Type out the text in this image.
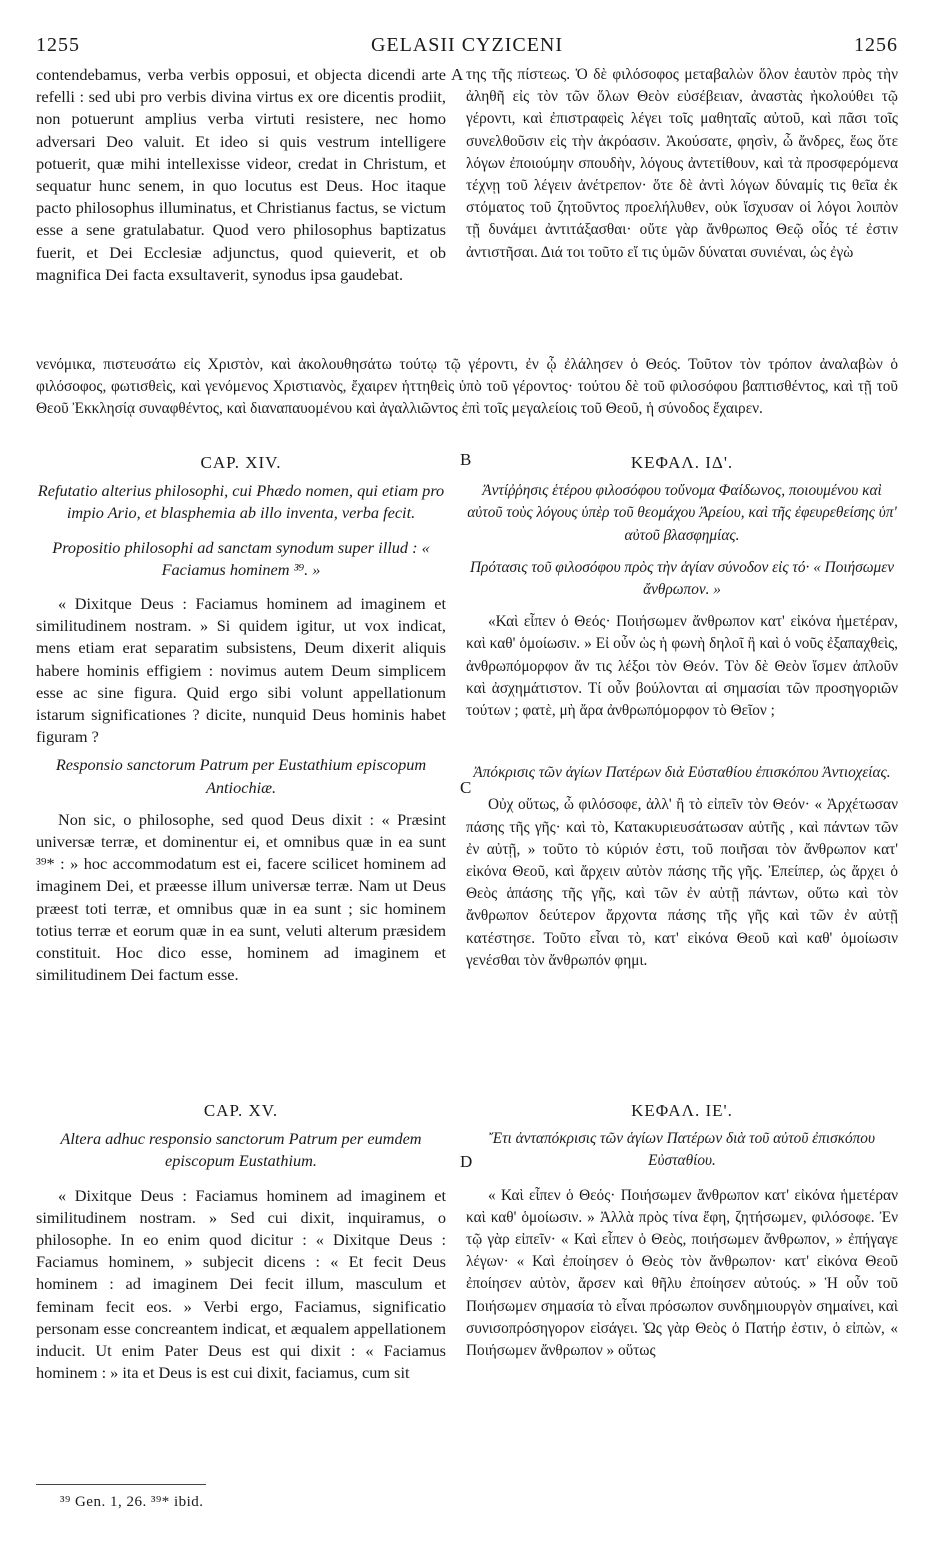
1255	GELASII CYZICENI	1256
contendebamus, verba verbis opposui, et objecta dicendi arte refelli : sed ubi pro verbis divina virtus ex ore dicentis prodiit, non potuerunt amplius verba virtuti resistere, nec homo adversari Deo valuit. Et ideo si quis vestrum intelligere potuerit, quæ mihi intellexisse videor, credat in Christum, et sequatur hunc senem, in quo locutus est Deus. Hoc itaque pacto philosophus illuminatus, et Christianus factus, se victum esse a sene gratulabatur. Quod vero philosophus baptizatus fuerit, et Dei Ecclesiæ adjunctus, quod quieverit, et ob magnifica Dei facta exsultaverit, synodus ipsa gaudebat.
της τῆς πίστεως. Ὁ δὲ φιλόσοφος μεταβαλὼν ὅλον ἑαυτὸν πρὸς τὴν ἀληθῆ εἰς τὸν τῶν ὅλων Θεὸν εὐσέβειαν, ἀναστὰς ἠκολούθει τῷ γέροντι, καὶ ἐπιστραφεὶς λέγει τοῖς μαθηταῖς αὐτοῦ, καὶ πᾶσι τοῖς συνελθοῦσιν εἰς τὴν ἀκρόασιν. Ἀκούσατε, φησὶν, ὦ ἄνδρες, ἕως ὅτε λόγων ἐποιούμην σπουδὴν, λόγους ἀντετίθουν, καὶ τὰ προσφερόμενα τέχνῃ τοῦ λέγειν ἀνέτρεπον· ὅτε δὲ ἀντὶ λόγων δύναμίς τις θεῖα ἐκ στόματος τοῦ ζητοῦντος προελήλυθεν, οὐκ ἴσχυσαν οἱ λόγοι λοιπὸν τῇ δυνάμει ἀντιτάξασθαι· οὔτε γὰρ ἄνθρωπος Θεῷ οἷός τέ ἐστιν ἀντιστῆσαι. Διά τοι τοῦτο εἴ τις ὑμῶν δύναται συνιέναι, ὡς ἐγὼ
A
νενόμικα, πιστευσάτω εἰς Χριστὸν, καὶ ἀκολουθησάτω τούτῳ τῷ γέροντι, ἐν ᾧ ἐλάλησεν ὁ Θεός. Τοῦτον τὸν τρόπον ἀναλαβὼν ὁ φιλόσοφος, φωτισθεὶς, καὶ γενόμενος Χριστιανὸς, ἔχαιρεν ἡττηθεὶς ὑπὸ τοῦ γέροντος· τούτου δὲ τοῦ φιλοσόφου βαπτισθέντος, καὶ τῇ τοῦ Θεοῦ Ἐκκλησίᾳ συναφθέντος, καὶ διαναπαυομένου καὶ ἀγαλλιῶντος ἐπὶ τοῖς μεγαλείοις τοῦ Θεοῦ, ἡ σύνοδος ἔχαιρεν.
B
CAP. XIV.
Refutatio alterius philosophi, cui Phædo nomen, qui etiam pro impio Ario, et blasphemia ab illo inventa, verba fecit.
Propositio philosophi ad sanctam synodum super illud : « Faciamus hominem ³⁹. »
« Dixitque Deus : Faciamus hominem ad imaginem et similitudinem nostram. » Si quidem igitur, ut vox indicat, mens etiam erat separatim subsistens, Deum dixerit aliquis habere hominis effigiem : novimus autem Deum simplicem esse ac sine figura. Quid ergo sibi volunt appellationum istarum significationes ? dicite, nunquid Deus hominis habet figuram ?
Responsio sanctorum Patrum per Eustathium episcopum Antiochiæ.
Non sic, o philosophe, sed quod Deus dixit : « Præsint universæ terræ, et dominentur ei, et omnibus quæ in ea sunt ³⁹* : » hoc accommodatum est ei, facere scilicet hominem ad imaginem Dei, et præesse illum universæ terræ. Nam ut Deus præest toti terræ, et omnibus quæ in ea sunt ; sic hominem totius terræ et eorum quæ in ea sunt, veluti alterum præsidem constituit. Hoc dico esse, hominem ad imaginem et similitudinem Dei factum esse.
ΚΕΦΑΛ. ΙΔ'.
Ἀντίῤῥησις ἑτέρου φιλοσόφου τοὔνομα Φαίδωνος, ποιουμένου καὶ αὐτοῦ τοὺς λόγους ὑπὲρ τοῦ θεομάχου Ἀρείου, καὶ τῆς ἐφευρεθείσης ὑπ' αὐτοῦ βλασφημίας.
Πρότασις τοῦ φιλοσόφου πρὸς τὴν ἁγίαν σύνοδον εἰς τό· « Ποιήσωμεν ἄνθρωπον. »
«Καὶ εἶπεν ὁ Θεός· Ποιήσωμεν ἄνθρωπον κατ' εἰκόνα ἡμετέραν, καὶ καθ' ὁμοίωσιν. » Εἰ οὖν ὡς ἡ φωνὴ δηλοῖ ἢ καὶ ὁ νοῦς ἐξαπαχθεὶς, ἀνθρωπόμορφον ἄν τις λέξοι τὸν Θεόν. Τὸν δὲ Θεὸν ἴσμεν ἁπλοῦν καὶ ἀσχημάτιστον. Τί οὖν βούλονται αἱ σημασίαι τῶν προσηγοριῶν τούτων ; φατὲ, μὴ ἄρα ἀνθρωπόμορφον τὸ Θεῖον ;
Ἀπόκρισις τῶν ἁγίων Πατέρων διὰ Εὐσταθίου ἐπισκόπου Ἀντιοχείας.
Οὐχ οὕτως, ὦ φιλόσοφε, ἀλλ' ἢ τὸ εἰπεῖν τὸν Θεόν· « Ἀρχέτωσαν πάσης τῆς γῆς· καὶ τὸ, Κατακυριευσάτωσαν αὐτῆς , καὶ πάντων τῶν ἐν αὐτῇ, » τοῦτο τὸ κύριόν ἐστι, τοῦ ποιῆσαι τὸν ἄνθρωπον κατ' εἰκόνα Θεοῦ, καὶ ἄρχειν αὐτὸν πάσης τῆς γῆς. Ἐπείπερ, ὡς ἄρχει ὁ Θεὸς ἁπάσης τῆς γῆς, καὶ τῶν ἐν αὐτῇ πάντων, οὕτω καὶ τὸν ἄνθρωπον δεύτερον ἄρχοντα πάσης τῆς γῆς καὶ τῶν ἐν αὐτῇ κατέστησε. Τοῦτο εἶναι τὸ, κατ' εἰκόνα Θεοῦ καὶ καθ' ὁμοίωσιν γενέσθαι τὸν ἄνθρωπόν φημι.
C
CAP. XV.
Altera adhuc responsio sanctorum Patrum per eumdem episcopum Eustathium.
« Dixitque Deus : Faciamus hominem ad imaginem et similitudinem nostram. » Sed cui dixit, inquiramus, o philosophe. In eo enim quod dicitur : « Dixitque Deus : Faciamus hominem, » subjecit dicens : « Et fecit Deus hominem : ad imaginem Dei fecit illum, masculum et feminam fecit eos. » Verbi ergo, Faciamus, significatio personam esse concreantem indicat, et æqualem appellationem inducit. Ut enim Pater Deus est qui dixit : « Faciamus hominem : » ita et Deus is est cui dixit, faciamus, cum sit
ΚΕΦΑΛ. ΙΕ'.
Ἔτι ἀνταπόκρισις τῶν ἁγίων Πατέρων διὰ τοῦ αὐτοῦ ἐπισκόπου Εὐσταθίου.
« Καὶ εἶπεν ὁ Θεός· Ποιήσωμεν ἄνθρωπον κατ' εἰκόνα ἡμετέραν καὶ καθ' ὁμοίωσιν. » Ἀλλὰ πρὸς τίνα ἔφη, ζητήσωμεν, φιλόσοφε. Ἐν τῷ γὰρ εἰπεῖν· « Καὶ εἶπεν ὁ Θεὸς, ποιήσωμεν ἄνθρωπον, » ἐπήγαγε λέγων· « Καὶ ἐποίησεν ὁ Θεὸς τὸν ἄνθρωπον· κατ' εἰκόνα Θεοῦ ἐποίησεν αὐτὸν, ἄρσεν καὶ θῆλυ ἐποίησεν αὐτούς. » Ἡ οὖν τοῦ Ποιήσωμεν σημασία τὸ εἶναι πρόσωπον συνδημιουργὸν σημαίνει, καὶ συνισοπρόσηγορον εἰσάγει. Ὡς γὰρ Θεὸς ὁ Πατήρ ἐστιν, ὁ εἰπὼν, « Ποιήσωμεν ἄνθρωπον » οὕτως
D
³⁹ Gen. 1, 26. ³⁹* ibid.
